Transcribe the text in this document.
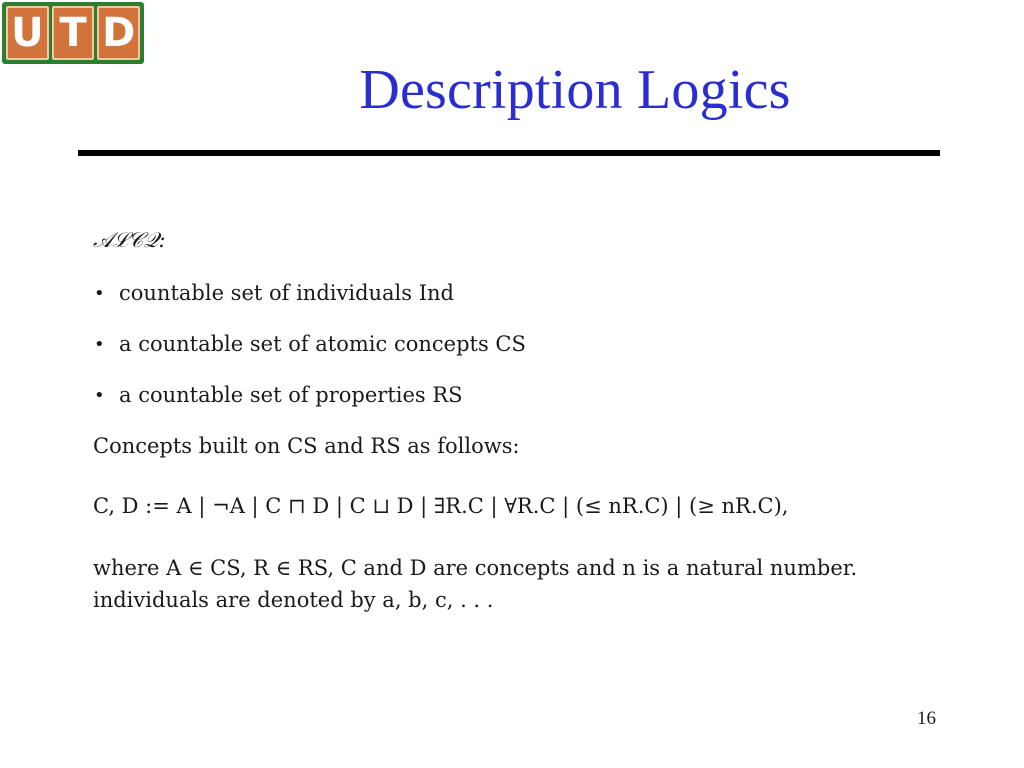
U T D
Description Logics
𝒜ℒ𝒞𝒬:
• countable set of individuals Ind
• a countable set of atomic concepts CS
• a countable set of properties RS
Concepts built on CS and RS as follows:
C, D := A | ¬A | C ⊓ D | C ⊔ D | ∃R.C | ∀R.C | (≤ nR.C) | (≥ nR.C),
where A ∈ CS, R ∈ RS, C and D are concepts and n is a natural number.
individuals are denoted by a, b, c, . . .
16
